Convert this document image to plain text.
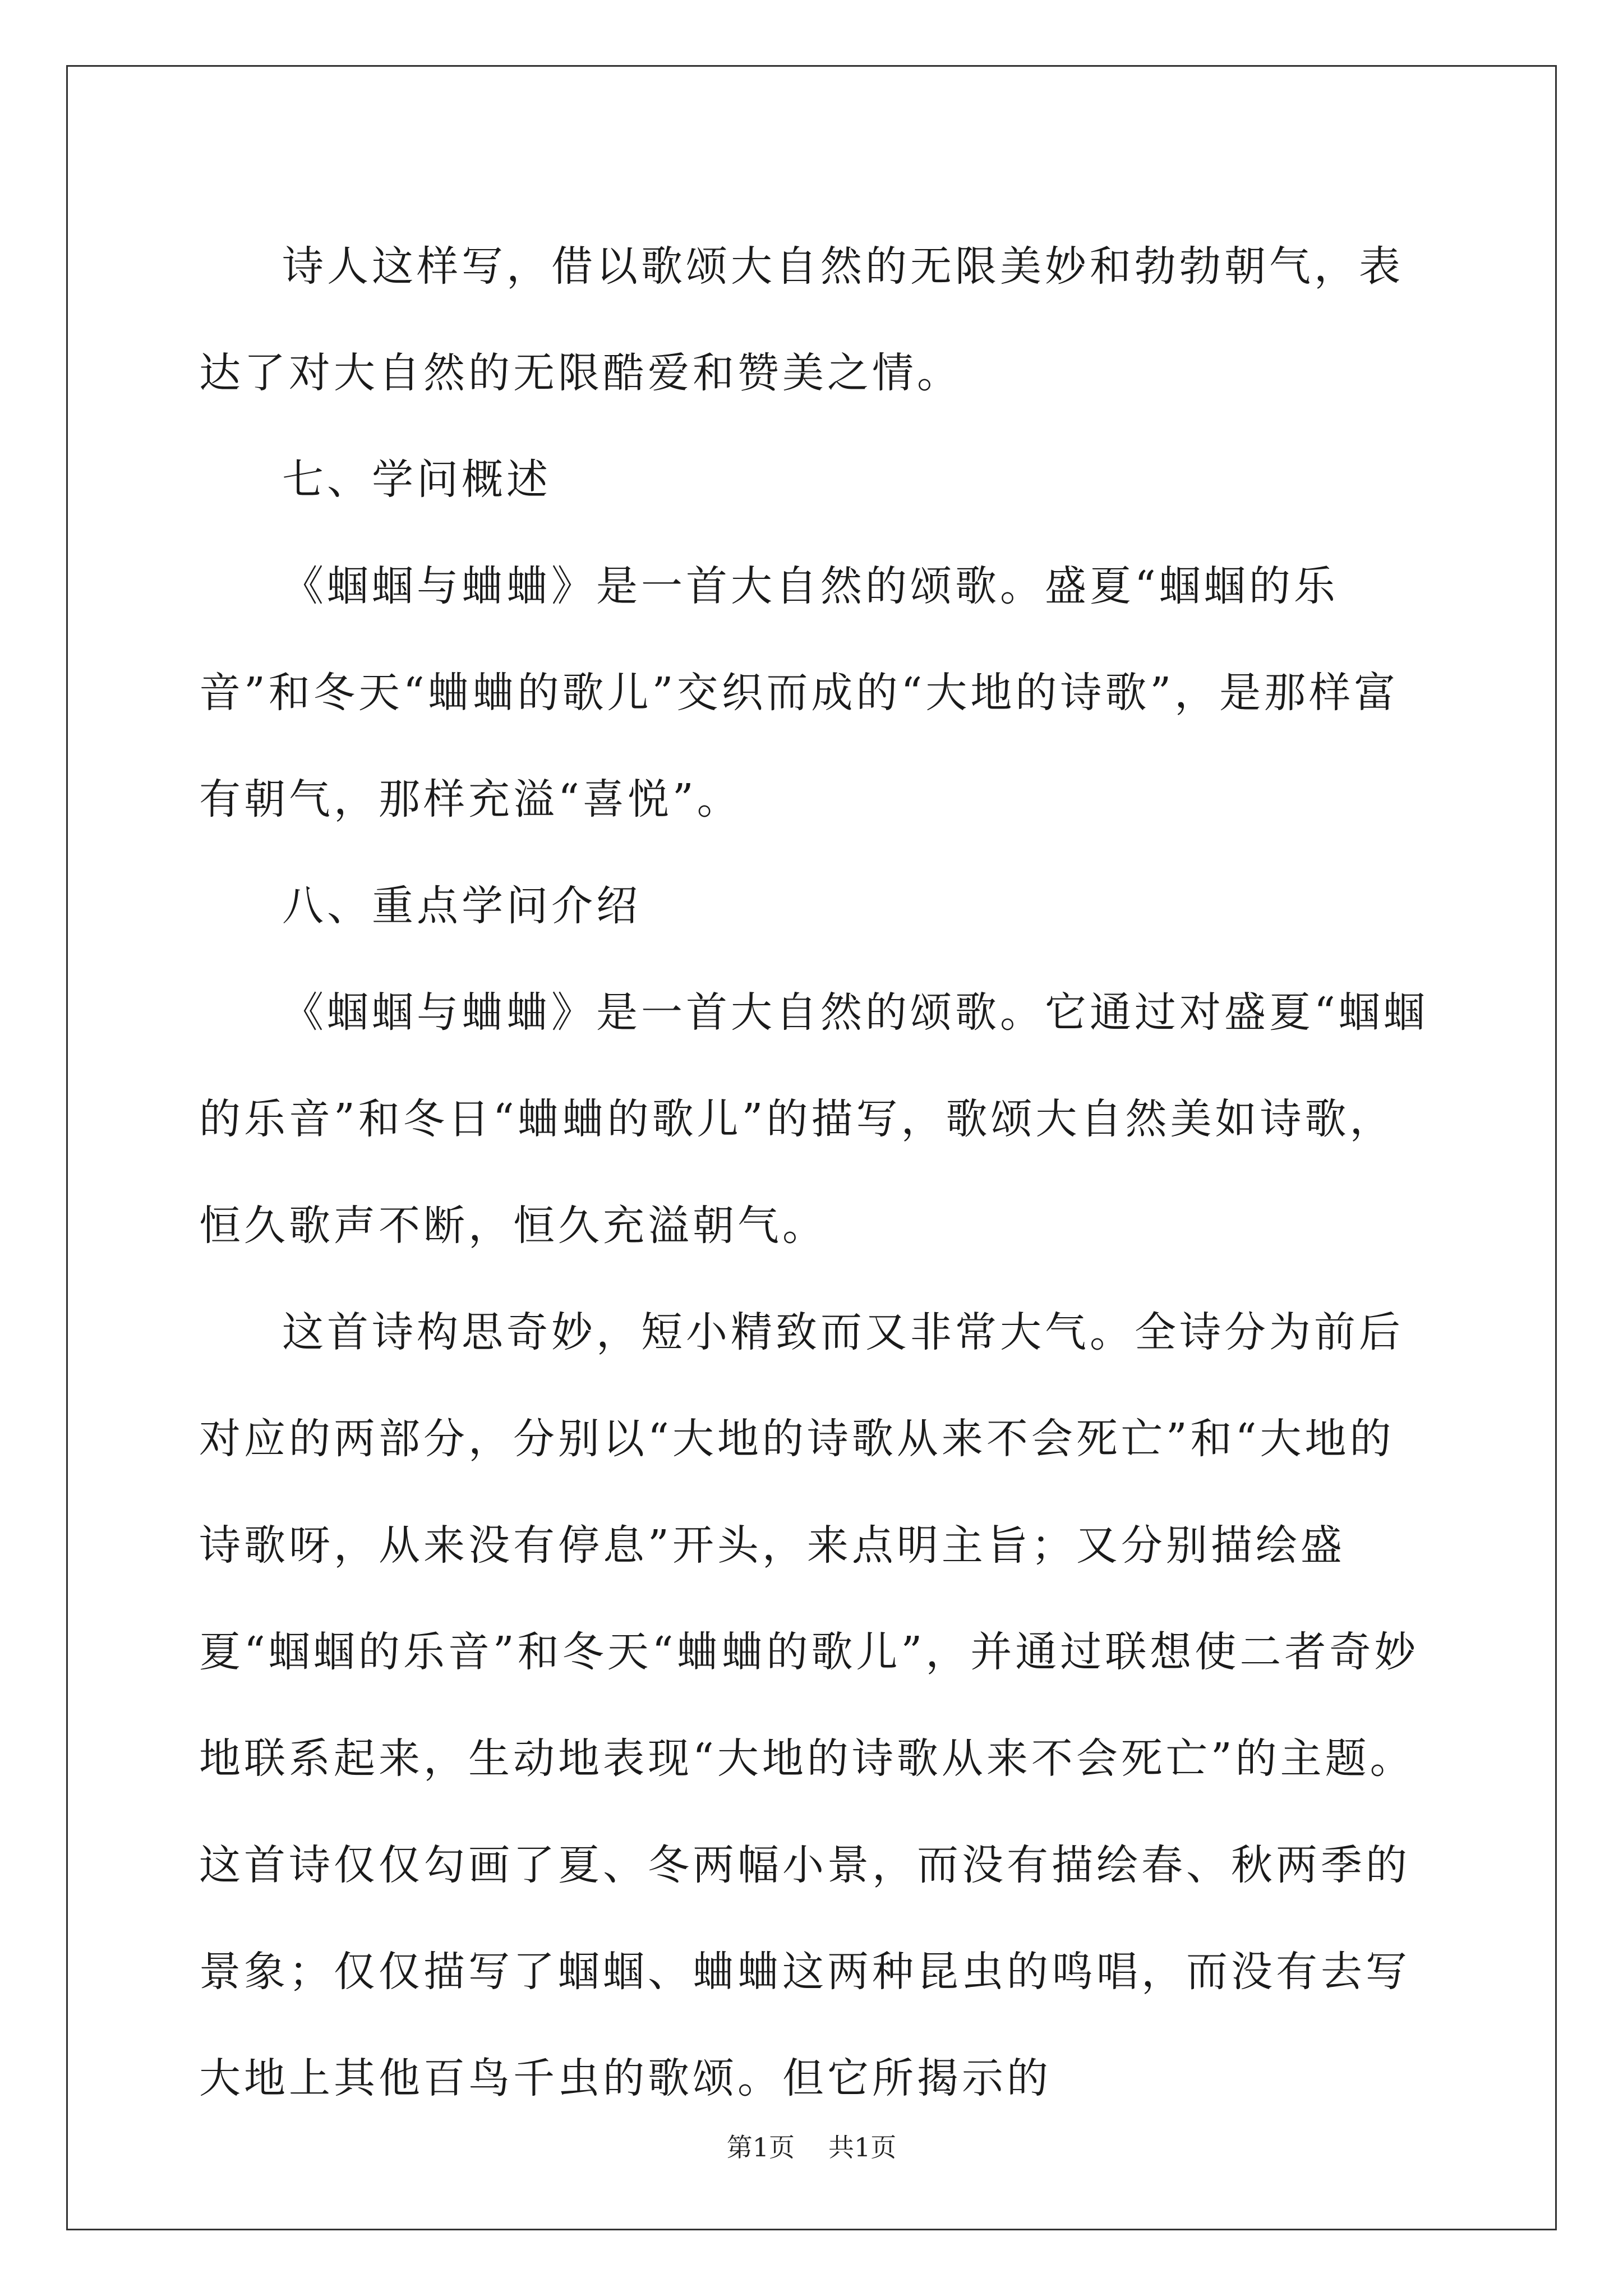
诗人这样写，借以歌颂大自然的无限美妙和勃勃朝气，表达了对大自然的无限酷爱和赞美之情。

七、学问概述

《蝈蝈与蛐蛐》是一首大自然的颂歌。盛夏“蝈蝈的乐音”和冬天“蛐蛐的歌儿”交织而成的“大地的诗歌”，是那样富有朝气，那样充溢“喜悦”。

八、重点学问介绍

《蝈蝈与蛐蛐》是一首大自然的颂歌。它通过对盛夏“蝈蝈的乐音”和冬日“蛐蛐的歌儿”的描写，歌颂大自然美如诗歌，恒久歌声不断，恒久充溢朝气。

这首诗构思奇妙，短小精致而又非常大气。全诗分为前后对应的两部分，分别以“大地的诗歌从来不会死亡”和“大地的诗歌呀，从来没有停息”开头，来点明主旨；又分别描绘盛夏“蝈蝈的乐音”和冬天“蛐蛐的歌儿”，并通过联想使二者奇妙地联系起来，生动地表现“大地的诗歌从来不会死亡”的主题。这首诗仅仅勾画了夏、冬两幅小景，而没有描绘春、秋两季的景象；仅仅描写了蝈蝈、蛐蛐这两种昆虫的鸣唱，而没有去写大地上其他百鸟千虫的歌颂。但它所揭示的

第1页 共1页
